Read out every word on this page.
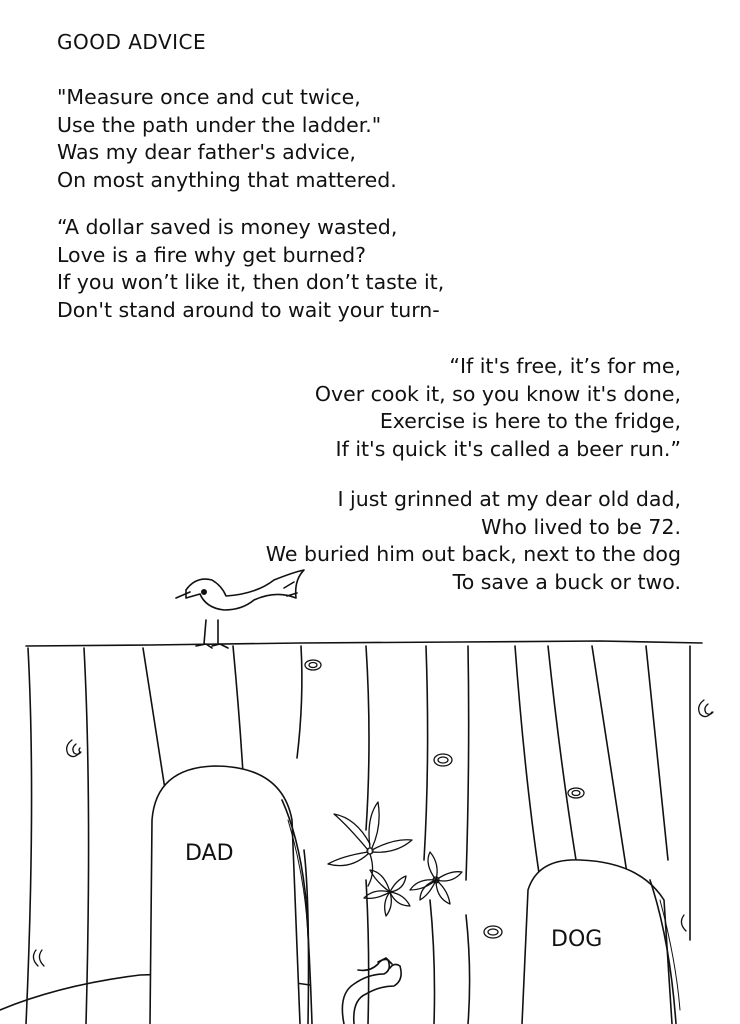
GOOD ADVICE
"Measure once and cut twice,
Use the path under the ladder."
Was my dear father's advice,
On most anything that mattered.
“A dollar saved is money wasted,
Love is a fire why get burned?
If you won’t like it, then don’t taste it,
Don't stand around to wait your turn-
“If it's free, it’s for me,
Over cook it, so you know it's done,
Exercise is here to the fridge,
If it's quick it's called a beer run.”
I just grinned at my dear old dad,
Who lived to be 72.
We buried him out back, next to the dog
To save a buck or two.
DAD
DOG
